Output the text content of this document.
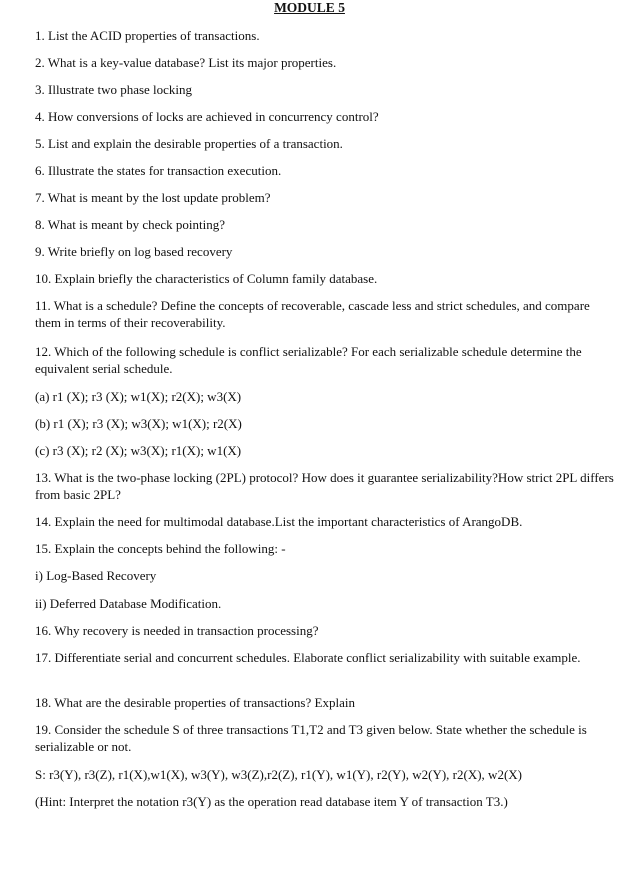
MODULE 5

1. List the ACID properties of transactions.

2. What is a key-value database? List its major properties.

3. Illustrate two phase locking

4. How conversions of locks are achieved in concurrency control?

5. List and explain the desirable properties of a transaction.

6. Illustrate the states for transaction execution.

7. What is meant by the lost update problem?

8. What is meant by check pointing?

9. Write briefly on log based recovery

10. Explain briefly the characteristics of Column family database.

11. What is a schedule? Define the concepts of recoverable, cascade less and strict schedules, and compare them in terms of their recoverability.

12. Which of the following schedule is conflict serializable? For each serializable schedule determine the equivalent serial schedule.

(a) r1 (X); r3 (X); w1(X); r2(X); w3(X)

(b) r1 (X); r3 (X); w3(X); w1(X); r2(X)

(c) r3 (X); r2 (X); w3(X); r1(X); w1(X)

13. What is the two-phase locking (2PL) protocol? How does it guarantee serializability?How strict 2PL differs from basic 2PL?

14. Explain the need for multimodal database.List the important characteristics of ArangoDB.

15. Explain the concepts behind the following: -

i) Log-Based Recovery

ii) Deferred Database Modification.

16. Why recovery is needed in transaction processing?

17. Differentiate serial and concurrent schedules. Elaborate conflict serializability with suitable example.

18. What are the desirable properties of transactions? Explain

19. Consider the schedule S of three transactions T1,T2 and T3 given below. State whether the schedule is serializable or not.

S: r3(Y), r3(Z), r1(X),w1(X), w3(Y), w3(Z),r2(Z), r1(Y), w1(Y), r2(Y), w2(Y), r2(X), w2(X)

(Hint: Interpret the notation r3(Y) as the operation read database item Y of transaction T3.)
